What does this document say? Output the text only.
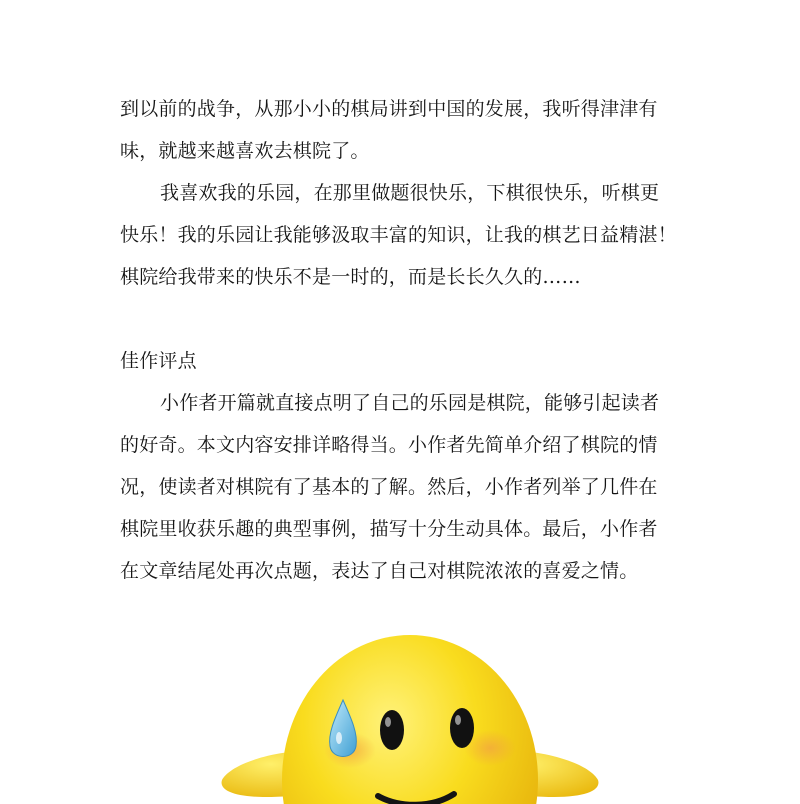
到以前的战争，从那小小的棋局讲到中国的发展，我听得津津有
味，就越来越喜欢去棋院了。
我喜欢我的乐园，在那里做题很快乐，下棋很快乐，听棋更
快乐！我的乐园让我能够汲取丰富的知识，让我的棋艺日益精湛！
棋院给我带来的快乐不是一时的，而是长长久久的……
佳作评点
小作者开篇就直接点明了自己的乐园是棋院，能够引起读者
的好奇。本文内容安排详略得当。小作者先简单介绍了棋院的情
况，使读者对棋院有了基本的了解。然后，小作者列举了几件在
棋院里收获乐趣的典型事例，描写十分生动具体。最后，小作者
在文章结尾处再次点题，表达了自己对棋院浓浓的喜爱之情。
